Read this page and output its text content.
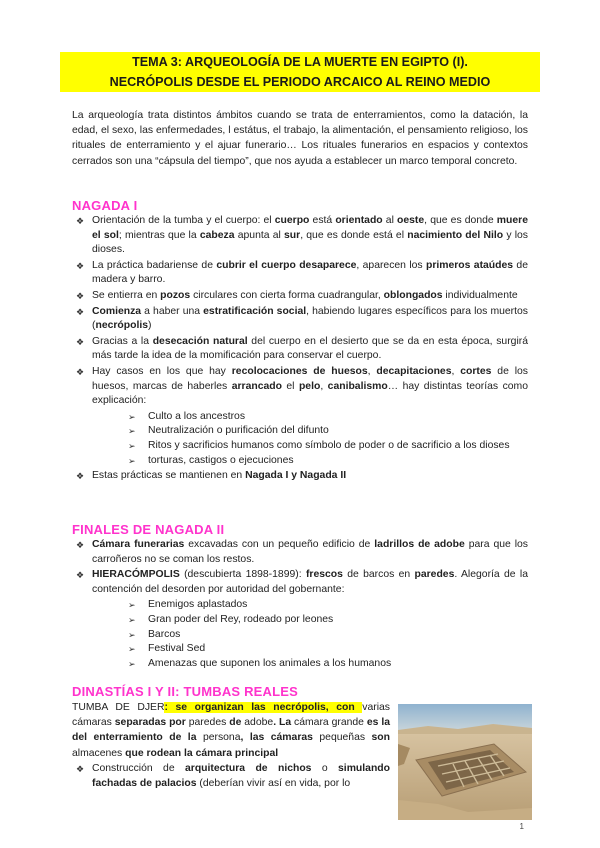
TEMA 3: ARQUEOLOGÍA DE LA MUERTE EN EGIPTO (I).
NECRÓPOLIS DESDE EL PERIODO ARCAICO AL REINO MEDIO

La arqueología trata distintos ámbitos cuando se trata de enterramientos, como la datación, la edad, el sexo, las enfermedades, l estátus, el trabajo, la alimentación, el pensamiento religioso, los rituales de enterramiento y el ajuar funerario… Los rituales funerarios en espacios y contextos cerrados son una “cápsula del tiempo”, que nos ayuda a establecer un marco temporal concreto.

NAGADA I
❖ Orientación de la tumba y el cuerpo: el cuerpo está orientado al oeste, que es donde muere el sol; mientras que la cabeza apunta al sur, que es donde está el nacimiento del Nilo y los dioses.
❖ La práctica badariense de cubrir el cuerpo desaparece, aparecen los primeros ataúdes de madera y barro.
❖ Se entierra en pozos circulares con cierta forma cuadrangular, oblongados individualmente
❖ Comienza a haber una estratificación social, habiendo lugares específicos para los muertos (necrópolis)
❖ Gracias a la desecación natural del cuerpo en el desierto que se da en esta época, surgirá más tarde la idea de la momificación para conservar el cuerpo.
❖ Hay casos en los que hay recolocaciones de huesos, decapitaciones, cortes de los huesos, marcas de haberles arrancado el pelo, canibalismo… hay distintas teorías como explicación:
➢ Culto a los ancestros
➢ Neutralización o purificación del difunto
➢ Ritos y sacrificios humanos como símbolo de poder o de sacrificio a los dioses
➢ torturas, castigos o ejecuciones
❖ Estas prácticas se mantienen en Nagada I y Nagada II
FINALES DE NAGADA II
❖ Cámara funerarias excavadas con un pequeño edificio de ladrillos de adobe para que los carroñeros no se coman los restos.
❖ HIERACÓMPOLIS (descubierta 1898-1899): frescos de barcos en paredes. Alegoría de la contención del desorden por autoridad del gobernante:
➢ Enemigos aplastados
➢ Gran poder del Rey, rodeado por leones
➢ Barcos
➢ Festival Sed
➢ Amenazas que suponen los animales a los humanos
DINASTÍAS I Y II: TUMBAS REALES

TUMBA DE DJER: se organizan las necrópolis, con varias cámaras separadas por paredes de adobe. La cámara grande es la del enterramiento de la persona, las cámaras pequeñas son almacenes que rodean la cámara principal

❖ Construcción de arquitectura de nichos o simulando fachadas de palacios (deberían vivir así en vida, por lo
1
